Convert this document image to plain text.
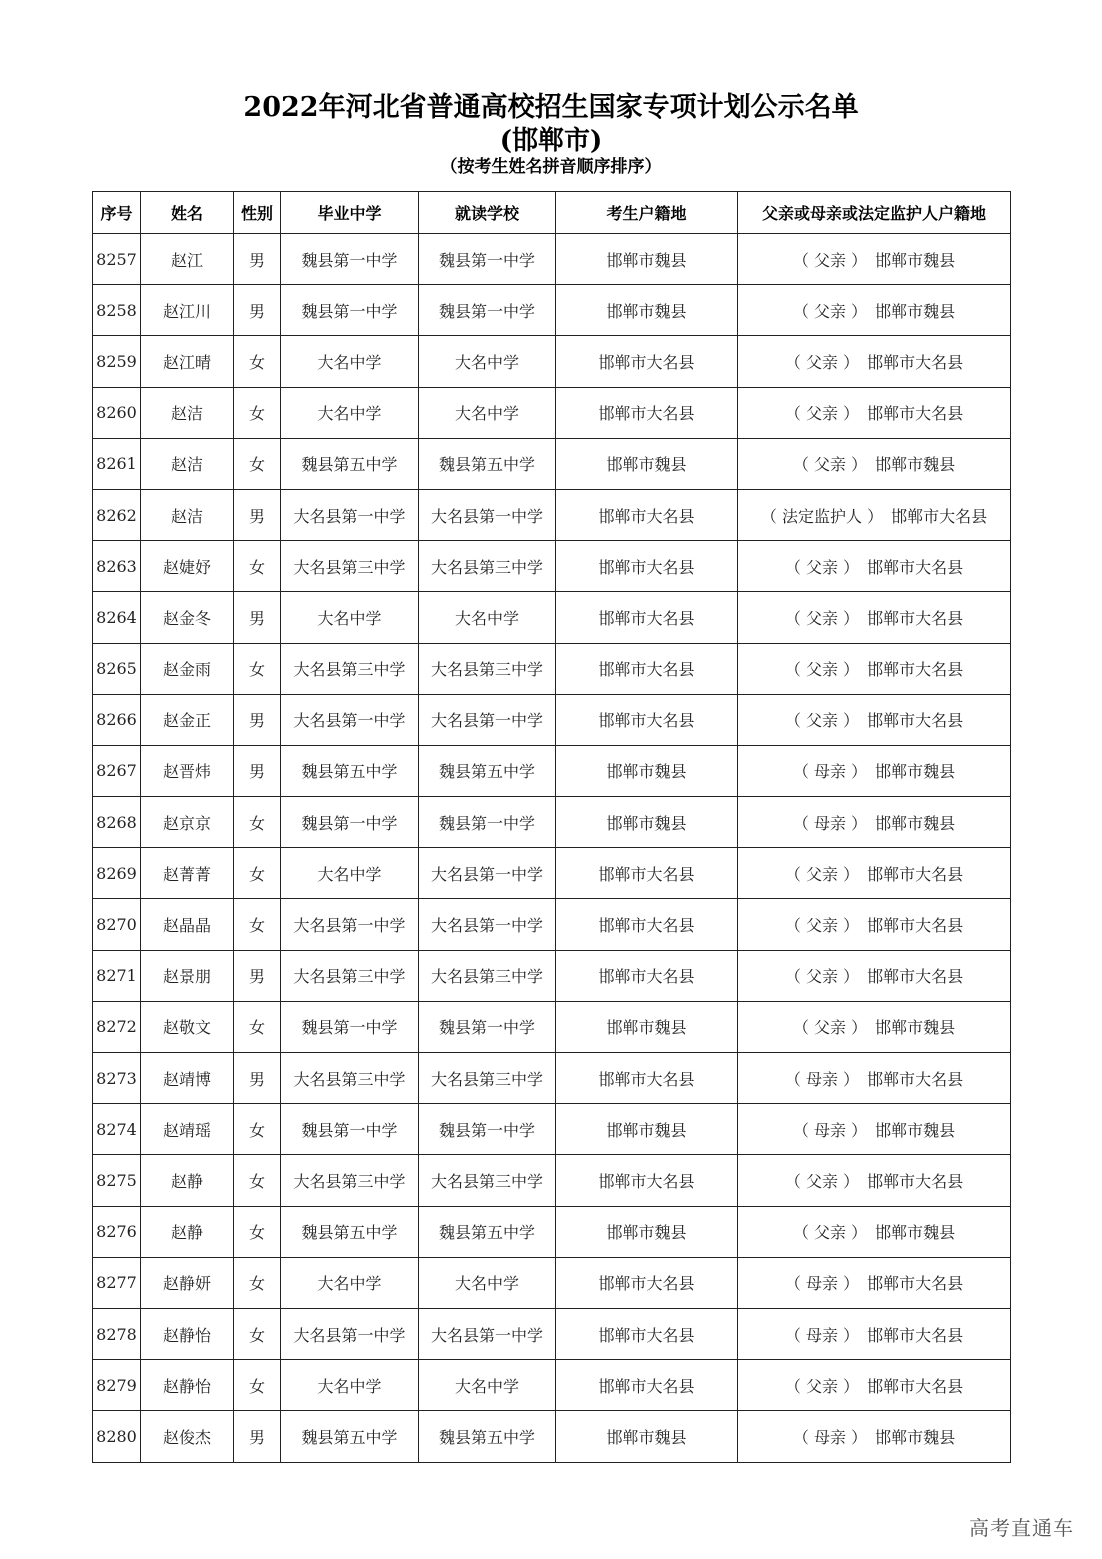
2022年河北省普通高校招生国家专项计划公示名单
(邯郸市)
（按考生姓名拼音顺序排序）
序号	姓名	性别	毕业中学	就读学校	考生户籍地	父亲或母亲或法定监护人户籍地
8257	赵江	男	魏县第一中学	魏县第一中学	邯郸市魏县	（ 父亲 ） 邯郸市魏县
8258	赵江川	男	魏县第一中学	魏县第一中学	邯郸市魏县	（ 父亲 ） 邯郸市魏县
8259	赵江晴	女	大名中学	大名中学	邯郸市大名县	（ 父亲 ） 邯郸市大名县
8260	赵洁	女	大名中学	大名中学	邯郸市大名县	（ 父亲 ） 邯郸市大名县
8261	赵洁	女	魏县第五中学	魏县第五中学	邯郸市魏县	（ 父亲 ） 邯郸市魏县
8262	赵洁	男	大名县第一中学	大名县第一中学	邯郸市大名县	（ 法定监护人 ） 邯郸市大名县
8263	赵婕妤	女	大名县第三中学	大名县第三中学	邯郸市大名县	（ 父亲 ） 邯郸市大名县
8264	赵金冬	男	大名中学	大名中学	邯郸市大名县	（ 父亲 ） 邯郸市大名县
8265	赵金雨	女	大名县第三中学	大名县第三中学	邯郸市大名县	（ 父亲 ） 邯郸市大名县
8266	赵金正	男	大名县第一中学	大名县第一中学	邯郸市大名县	（ 父亲 ） 邯郸市大名县
8267	赵晋炜	男	魏县第五中学	魏县第五中学	邯郸市魏县	（ 母亲 ） 邯郸市魏县
8268	赵京京	女	魏县第一中学	魏县第一中学	邯郸市魏县	（ 母亲 ） 邯郸市魏县
8269	赵菁菁	女	大名中学	大名县第一中学	邯郸市大名县	（ 父亲 ） 邯郸市大名县
8270	赵晶晶	女	大名县第一中学	大名县第一中学	邯郸市大名县	（ 父亲 ） 邯郸市大名县
8271	赵景朋	男	大名县第三中学	大名县第三中学	邯郸市大名县	（ 父亲 ） 邯郸市大名县
8272	赵敬文	女	魏县第一中学	魏县第一中学	邯郸市魏县	（ 父亲 ） 邯郸市魏县
8273	赵靖博	男	大名县第三中学	大名县第三中学	邯郸市大名县	（ 母亲 ） 邯郸市大名县
8274	赵靖瑶	女	魏县第一中学	魏县第一中学	邯郸市魏县	（ 母亲 ） 邯郸市魏县
8275	赵静	女	大名县第三中学	大名县第三中学	邯郸市大名县	（ 父亲 ） 邯郸市大名县
8276	赵静	女	魏县第五中学	魏县第五中学	邯郸市魏县	（ 父亲 ） 邯郸市魏县
8277	赵静妍	女	大名中学	大名中学	邯郸市大名县	（ 母亲 ） 邯郸市大名县
8278	赵静怡	女	大名县第一中学	大名县第一中学	邯郸市大名县	（ 母亲 ） 邯郸市大名县
8279	赵静怡	女	大名中学	大名中学	邯郸市大名县	（ 父亲 ） 邯郸市大名县
8280	赵俊杰	男	魏县第五中学	魏县第五中学	邯郸市魏县	（ 母亲 ） 邯郸市魏县
高考直通车
